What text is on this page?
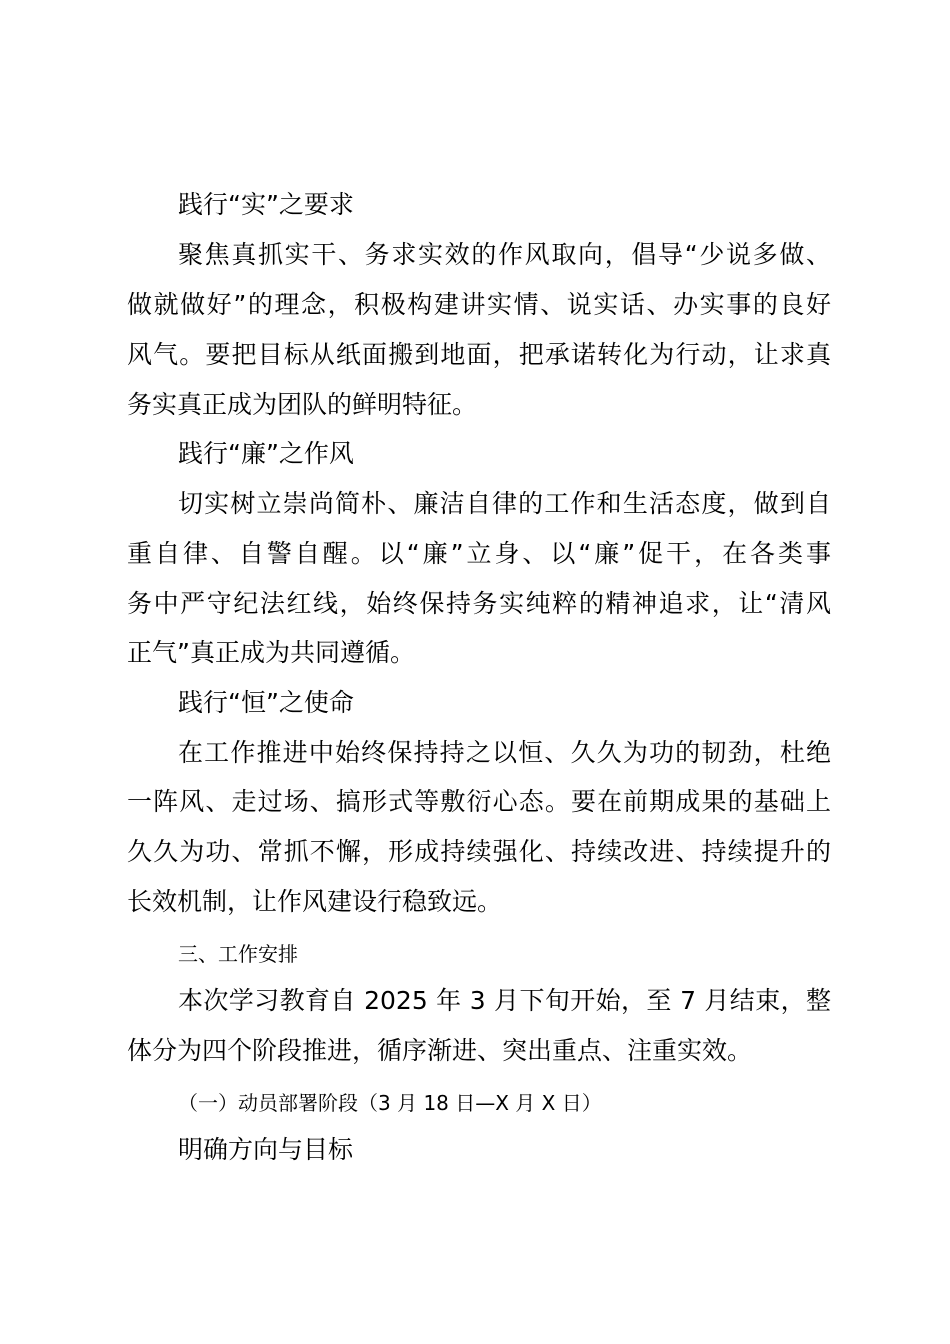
践行“实”之要求
聚焦真抓实干、务求实效的作风取向，倡导“少说多做、
做就做好”的理念，积极构建讲实情、说实话、办实事的良好
风气。要把目标从纸面搬到地面，把承诺转化为行动，让求真
务实真正成为团队的鲜明特征。
践行“廉”之作风
切实树立崇尚简朴、廉洁自律的工作和生活态度，做到自
重自律、自警自醒。以“廉”立身、以“廉”促干，在各类事
务中严守纪法红线，始终保持务实纯粹的精神追求，让“清风
正气”真正成为共同遵循。
践行“恒”之使命
在工作推进中始终保持持之以恒、久久为功的韧劲，杜绝
一阵风、走过场、搞形式等敷衍心态。要在前期成果的基础上
久久为功、常抓不懈，形成持续强化、持续改进、持续提升的
长效机制，让作风建设行稳致远。
三、工作安排
本次学习教育自 2025 年 3 月下旬开始，至 7 月结束，整
体分为四个阶段推进，循序渐进、突出重点、注重实效。
（一）动员部署阶段（3 月 18 日—X 月 X 日）
明确方向与目标
